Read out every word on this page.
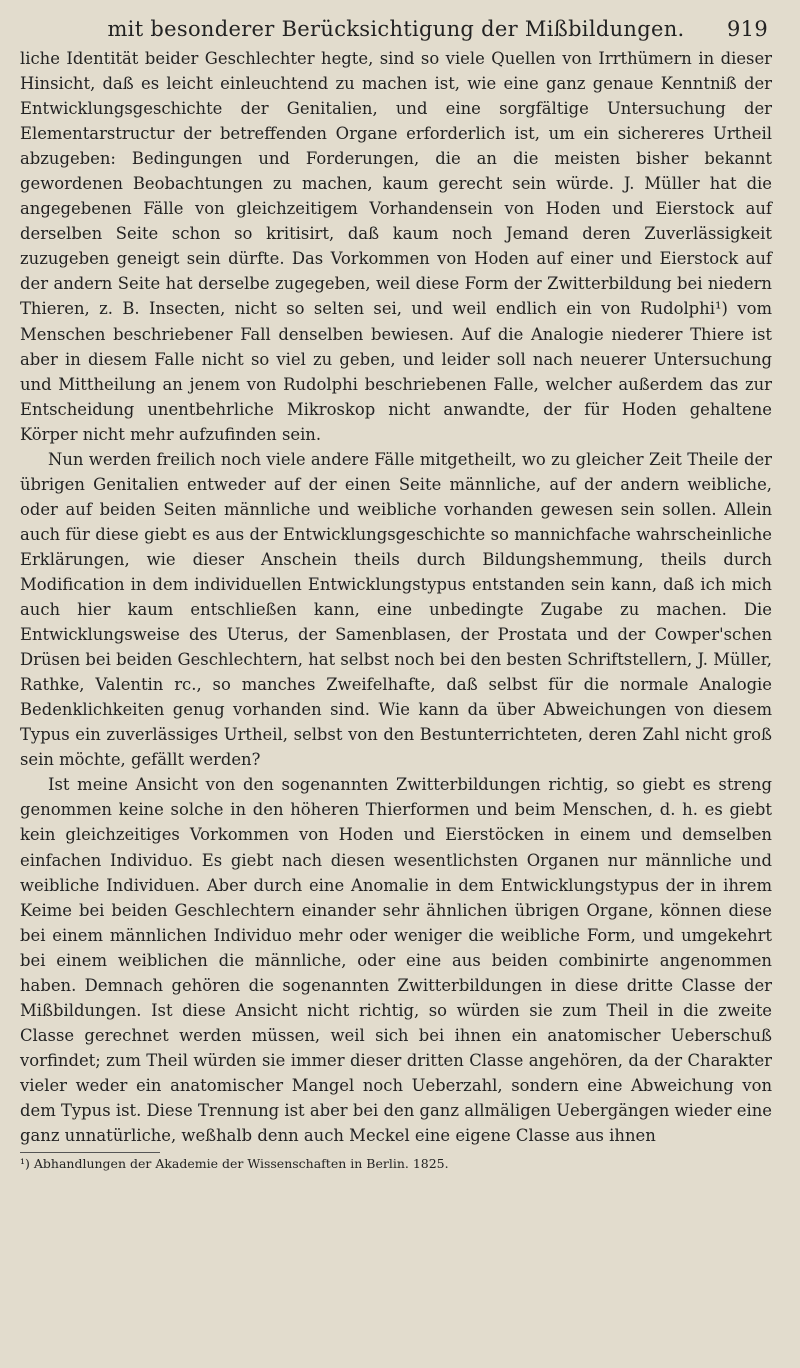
mit besonderer Berücksichtigung der Mißbildungen. 919

liche Identität beider Geschlechter hegte, sind so viele Quellen von Irrthümern in dieser Hinsicht, daß es leicht einleuchtend zu machen ist, wie eine ganz genaue Kenntniß der Entwicklungsgeschichte der Genitalien, und eine sorgfältige Untersuchung der Elementarstructur der betreffenden Organe erforderlich ist, um ein sichereres Urtheil abzugeben: Bedingungen und Forderungen, die an die meisten bisher bekannt gewordenen Beobachtungen zu machen, kaum gerecht sein würde. J. Müller hat die angegebenen Fälle von gleichzeitigem Vorhandensein von Hoden und Eierstock auf derselben Seite schon so kritisirt, daß kaum noch Jemand deren Zuverlässigkeit zuzugeben geneigt sein dürfte. Das Vorkommen von Hoden auf einer und Eierstock auf der andern Seite hat derselbe zugegeben, weil diese Form der Zwitterbildung bei niedern Thieren, z. B. Insecten, nicht so selten sei, und weil endlich ein von Rudolphi¹) vom Menschen beschriebener Fall denselben bewiesen. Auf die Analogie niederer Thiere ist aber in diesem Falle nicht so viel zu geben, und leider soll nach neuerer Untersuchung und Mittheilung an jenem von Rudolphi beschriebenen Falle, welcher außerdem das zur Entscheidung unentbehrliche Mikroskop nicht anwandte, der für Hoden gehaltene Körper nicht mehr aufzufinden sein.

Nun werden freilich noch viele andere Fälle mitgetheilt, wo zu gleicher Zeit Theile der übrigen Genitalien entweder auf der einen Seite männliche, auf der andern weibliche, oder auf beiden Seiten männliche und weibliche vorhanden gewesen sein sollen. Allein auch für diese giebt es aus der Entwicklungsgeschichte so mannichfache wahrscheinliche Erklärungen, wie dieser Anschein theils durch Bildungshemmung, theils durch Modification in dem individuellen Entwicklungstypus entstanden sein kann, daß ich mich auch hier kaum entschließen kann, eine unbedingte Zugabe zu machen. Die Entwicklungsweise des Uterus, der Samenblasen, der Prostata und der Cowper'schen Drüsen bei beiden Geschlechtern, hat selbst noch bei den besten Schriftstellern, J. Müller, Rathke, Valentin rc., so manches Zweifelhafte, daß selbst für die normale Analogie Bedenklichkeiten genug vorhanden sind. Wie kann da über Abweichungen von diesem Typus ein zuverlässiges Urtheil, selbst von den Bestunterrichteten, deren Zahl nicht groß sein möchte, gefällt werden?

Ist meine Ansicht von den sogenannten Zwitterbildungen richtig, so giebt es streng genommen keine solche in den höheren Thierformen und beim Menschen, d. h. es giebt kein gleichzeitiges Vorkommen von Hoden und Eierstöcken in einem und demselben einfachen Individuo. Es giebt nach diesen wesentlichsten Organen nur männliche und weibliche Individuen. Aber durch eine Anomalie in dem Entwicklungstypus der in ihrem Keime bei beiden Geschlechtern einander sehr ähnlichen übrigen Organe, können diese bei einem männlichen Individuo mehr oder weniger die weibliche Form, und umgekehrt bei einem weiblichen die männliche, oder eine aus beiden combinirte angenommen haben. Demnach gehören die sogenannten Zwitterbildungen in diese dritte Classe der Mißbildungen. Ist diese Ansicht nicht richtig, so würden sie zum Theil in die zweite Classe gerechnet werden müssen, weil sich bei ihnen ein anatomischer Ueberschuß vorfindet; zum Theil würden sie immer dieser dritten Classe angehören, da der Charakter vieler weder ein anatomischer Mangel noch Ueberzahl, sondern eine Abweichung von dem Typus ist. Diese Trennung ist aber bei den ganz allmäligen Uebergängen wieder eine ganz unnatürliche, weßhalb denn auch Meckel eine eigene Classe aus ihnen

¹) Abhandlungen der Akademie der Wissenschaften in Berlin. 1825.
